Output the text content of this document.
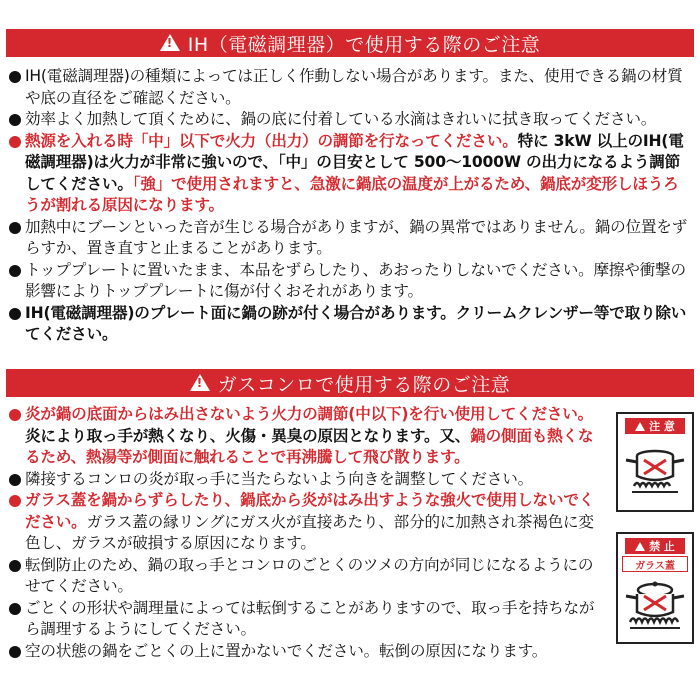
!
IH（電磁調理器）で使用する際のご注意
IH(電磁調理器)の種類によっては正しく作動しない場合があります。また、使用できる鍋の材質や底の直径をご確認ください。
効率よく加熱して頂くために、鍋の底に付着している水滴はきれいに拭き取ってください。
熱源を入れる時「中」以下で火力（出力）の調節を行なってください。特に 3kW 以上のIH(電磁調理器)は火力が非常に強いので、「中」の目安として 500～1000W の出力になるよう調節してください。「強」で使用されますと、急激に鍋底の温度が上がるため、鍋底が変形しほうろうが割れる原因になります。
加熱中にブーンといった音が生じる場合がありますが、鍋の異常ではありません。鍋の位置をずらすか、置き直すと止まることがあります。
トッププレートに置いたまま、本品をずらしたり、あおったりしないでください。摩擦や衝撃の影響によりトッププレートに傷が付くおそれがあります。
IH(電磁調理器)のプレート面に鍋の跡が付く場合があります。クリームクレンザー等で取り除いてください。
!
ガスコンロで使用する際のご注意
炎が鍋の底面からはみ出さないよう火力の調節(中以下)を行い使用してください。炎により取っ手が熱くなり、火傷・異臭の原因となります。又、鍋の側面も熱くなるため、熱湯等が側面に触れることで再沸騰して飛び散ります。
隣接するコンロの炎が取っ手に当たらないよう向きを調整してください。
ガラス蓋を鍋からずらしたり、鍋底から炎がはみ出すような強火で使用しないでください。ガラス蓋の縁リングにガス火が直接あたり、部分的に加熱され茶褐色に変色し、ガラスが破損する原因になります。
転倒防止のため、鍋の取っ手とコンロのごとくのツメの方向が同じになるようにのせてください。
ごとくの形状や調理量によっては転倒することがありますので、取っ手を持ちながら調理するようにしてください。
空の状態の鍋をごとくの上に置かないでください。転倒の原因になります。
注 意
禁 止
ガラス蓋
